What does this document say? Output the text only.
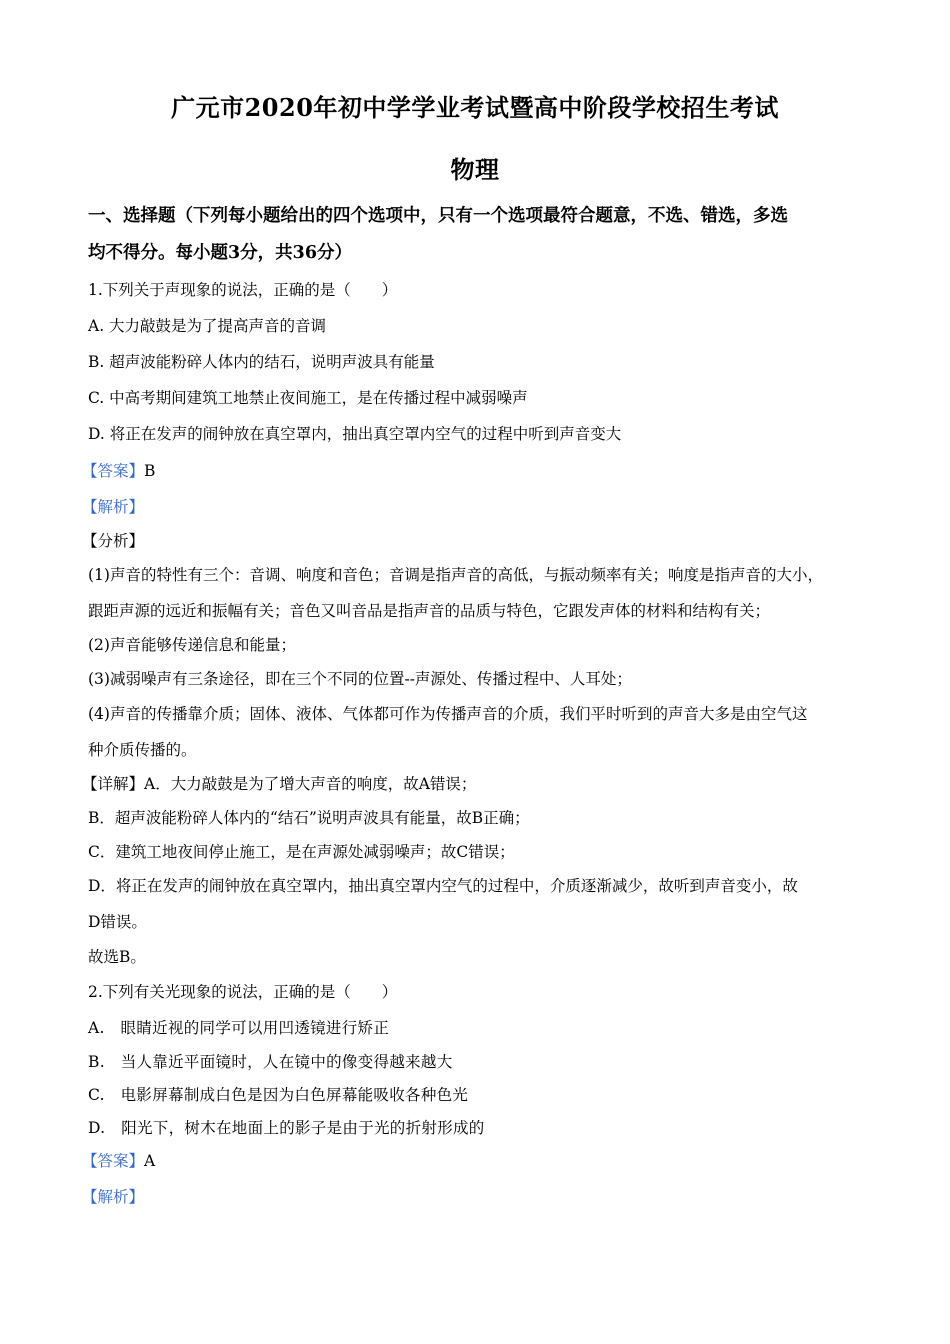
广元市2020年初中学学业考试暨高中阶段学校招生考试
物理
一、选择题（下列每小题给出的四个选项中，只有一个选项最符合题意，不选、错选，多选
均不得分。每小题3分，共36分）
1.下列关于声现象的说法，正确的是（　　）
A. 大力敲鼓是为了提高声音的音调
B. 超声波能粉碎人体内的结石，说明声波具有能量
C. 中高考期间建筑工地禁止夜间施工，是在传播过程中减弱噪声
D. 将正在发声的闹钟放在真空罩内，抽出真空罩内空气的过程中听到声音变大
【答案】B
【解析】
【分析】
(1)声音的特性有三个：音调、响度和音色；音调是指声音的高低，与振动频率有关；响度是指声音的大小，
跟距声源的远近和振幅有关；音色又叫音品是指声音的品质与特色，它跟发声体的材料和结构有关；
(2)声音能够传递信息和能量；
(3)减弱噪声有三条途径，即在三个不同的位置--声源处、传播过程中、人耳处；
(4)声音的传播靠介质；固体、液体、气体都可作为传播声音的介质，我们平时听到的声音大多是由空气这
种介质传播的。
【详解】A．大力敲鼓是为了增大声音的响度，故A错误；
B．超声波能粉碎人体内的“结石”说明声波具有能量，故B正确；
C．建筑工地夜间停止施工，是在声源处减弱噪声；故C错误；
D．将正在发声的闹钟放在真空罩内，抽出真空罩内空气的过程中，介质逐渐减少，故听到声音变小，故
D错误。
故选B。
2.下列有关光现象的说法，正确的是（　　）
A.　眼睛近视的同学可以用凹透镜进行矫正
B.　当人靠近平面镜时，人在镜中的像变得越来越大
C.　电影屏幕制成白色是因为白色屏幕能吸收各种色光
D.　阳光下，树木在地面上的影子是由于光的折射形成的
【答案】A
【解析】
